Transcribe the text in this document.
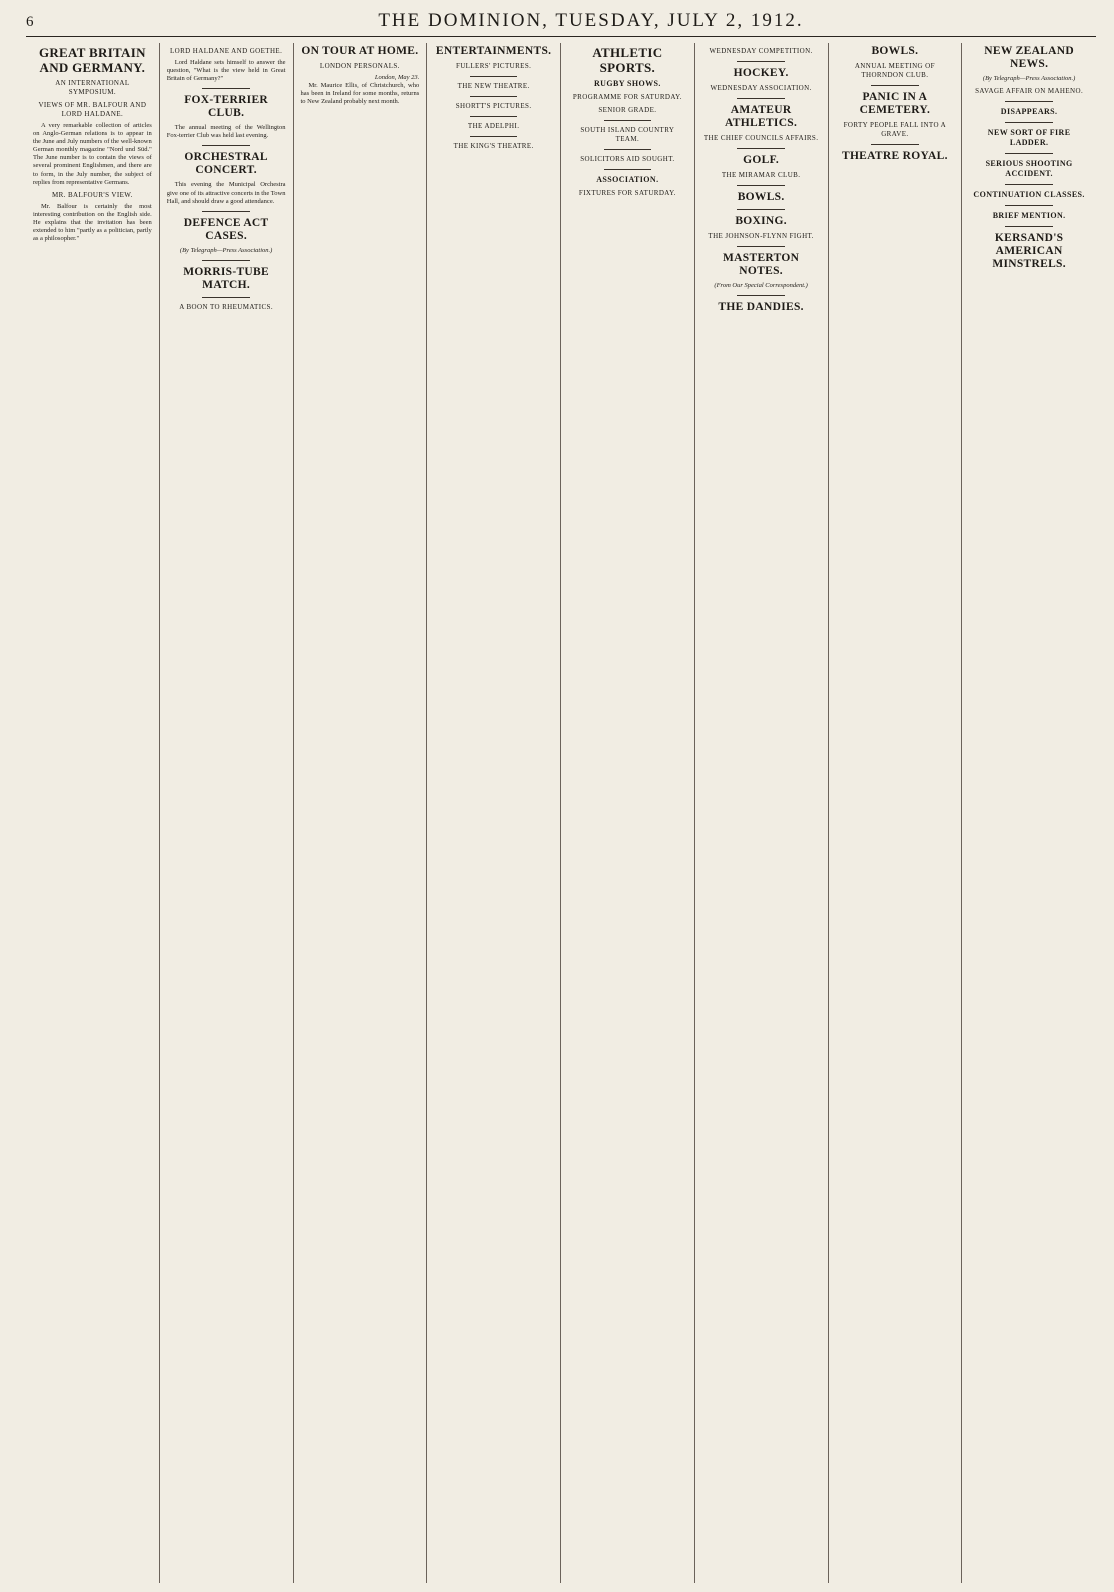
6	THE DOMINION, TUESDAY, JULY 2, 1912.
GREAT BRITAIN AND GERMANY.
AN INTERNATIONAL SYMPOSIUM.
VIEWS OF MR. BALFOUR AND LORD HALDANE.

A very remarkable collection of articles on Anglo-German relations is to appear in the June and July numbers of the well-known German monthly magazine "Nord und Süd." The June number is to contain the views of several prominent Englishmen, and there are to form, in the July number, the subject of replies from representative Germans.

MR. BALFOUR'S VIEW.

Mr. Balfour is certainly the most interesting contribution on the English side. He explains that the invitation has been extended to him "partly as a politician, partly as a philosopher."

LORD HALDANE AND GOETHE.

Lord Haldane sets himself to answer the question, "What is the view held in Great Britain of Germany?"

FOX-TERRIER CLUB.

The annual meeting of the Wellington Fox-terrier Club was held last evening.

ORCHESTRAL CONCERT.

This evening the Municipal Orchestra give one of its attractive concerts in the Town Hall, and should draw a good attendance.

DEFENCE ACT CASES.
(By Telegraph—Press Association.)
MORRIS-TUBE MATCH.
A BOON TO RHEUMATICS.
ON TOUR AT HOME.
LONDON PERSONALS.
London, May 23.

Mr. Maurice Ellis, of Christchurch, who has been in Ireland for some months, returns to New Zealand probably next month.

ENTERTAINMENTS.
FULLERS' PICTURES.
THE NEW THEATRE.
SHORTT'S PICTURES.
THE ADELPHI.
THE KING'S THEATRE.
ATHLETIC SPORTS.
RUGBY SHOWS.
PROGRAMME FOR SATURDAY.
SENIOR GRADE.
SOUTH ISLAND COUNTRY TEAM.
SOLICITORS AID SOUGHT.
ASSOCIATION.
FIXTURES FOR SATURDAY.
WEDNESDAY COMPETITION.
HOCKEY.
WEDNESDAY ASSOCIATION.
AMATEUR ATHLETICS.
THE CHIEF COUNCILS AFFAIRS.
GOLF.
THE MIRAMAR CLUB.
BOWLS.
BOXING.
THE JOHNSON-FLYNN FIGHT.
MASTERTON NOTES.
(From Our Special Correspondent.)
THE DANDIES.
BOWLS.
ANNUAL MEETING OF THORNDON CLUB.
PANIC IN A CEMETERY.
FORTY PEOPLE FALL INTO A GRAVE.
THEATRE ROYAL.
NEW ZEALAND NEWS.
(By Telegraph—Press Association.)
SAVAGE AFFAIR ON MAHENO.
DISAPPEARS.
NEW SORT OF FIRE LADDER.
SERIOUS SHOOTING ACCIDENT.
CONTINUATION CLASSES.
BRIEF MENTION.
KERSAND'S AMERICAN MINSTRELS.
